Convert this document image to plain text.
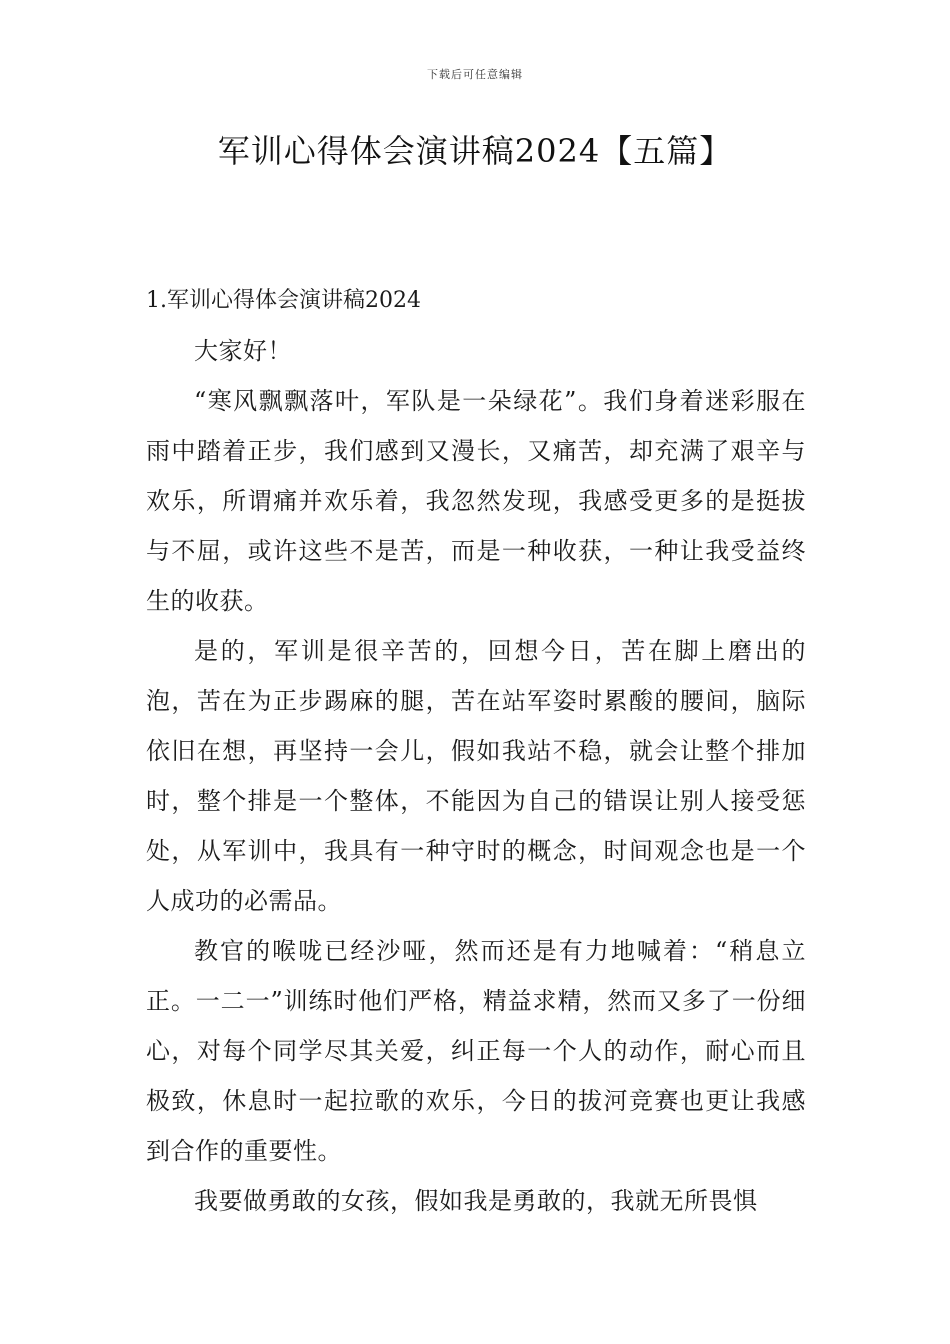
下载后可任意编辑
军训心得体会演讲稿2024【五篇】
1.军训心得体会演讲稿2024

大家好！

“寒风飘飘落叶，军队是一朵绿花”。我们身着迷彩服在雨中踏着正步，我们感到又漫长，又痛苦，却充满了艰辛与欢乐，所谓痛并欢乐着，我忽然发现，我感受更多的是挺拔与不屈，或许这些不是苦，而是一种收获，一种让我受益终生的收获。

是的，军训是很辛苦的，回想今日，苦在脚上磨出的泡，苦在为正步踢麻的腿，苦在站军姿时累酸的腰间，脑际依旧在想，再坚持一会儿，假如我站不稳，就会让整个排加时，整个排是一个整体，不能因为自己的错误让别人接受惩处，从军训中，我具有一种守时的概念，时间观念也是一个人成功的必需品。

教官的喉咙已经沙哑，然而还是有力地喊着：“稍息立正。一二一”训练时他们严格，精益求精，然而又多了一份细心，对每个同学尽其关爱，纠正每一个人的动作，耐心而且极致，休息时一起拉歌的欢乐，今日的拔河竞赛也更让我感到合作的重要性。

我要做勇敢的女孩，假如我是勇敢的，我就无所畏惧
